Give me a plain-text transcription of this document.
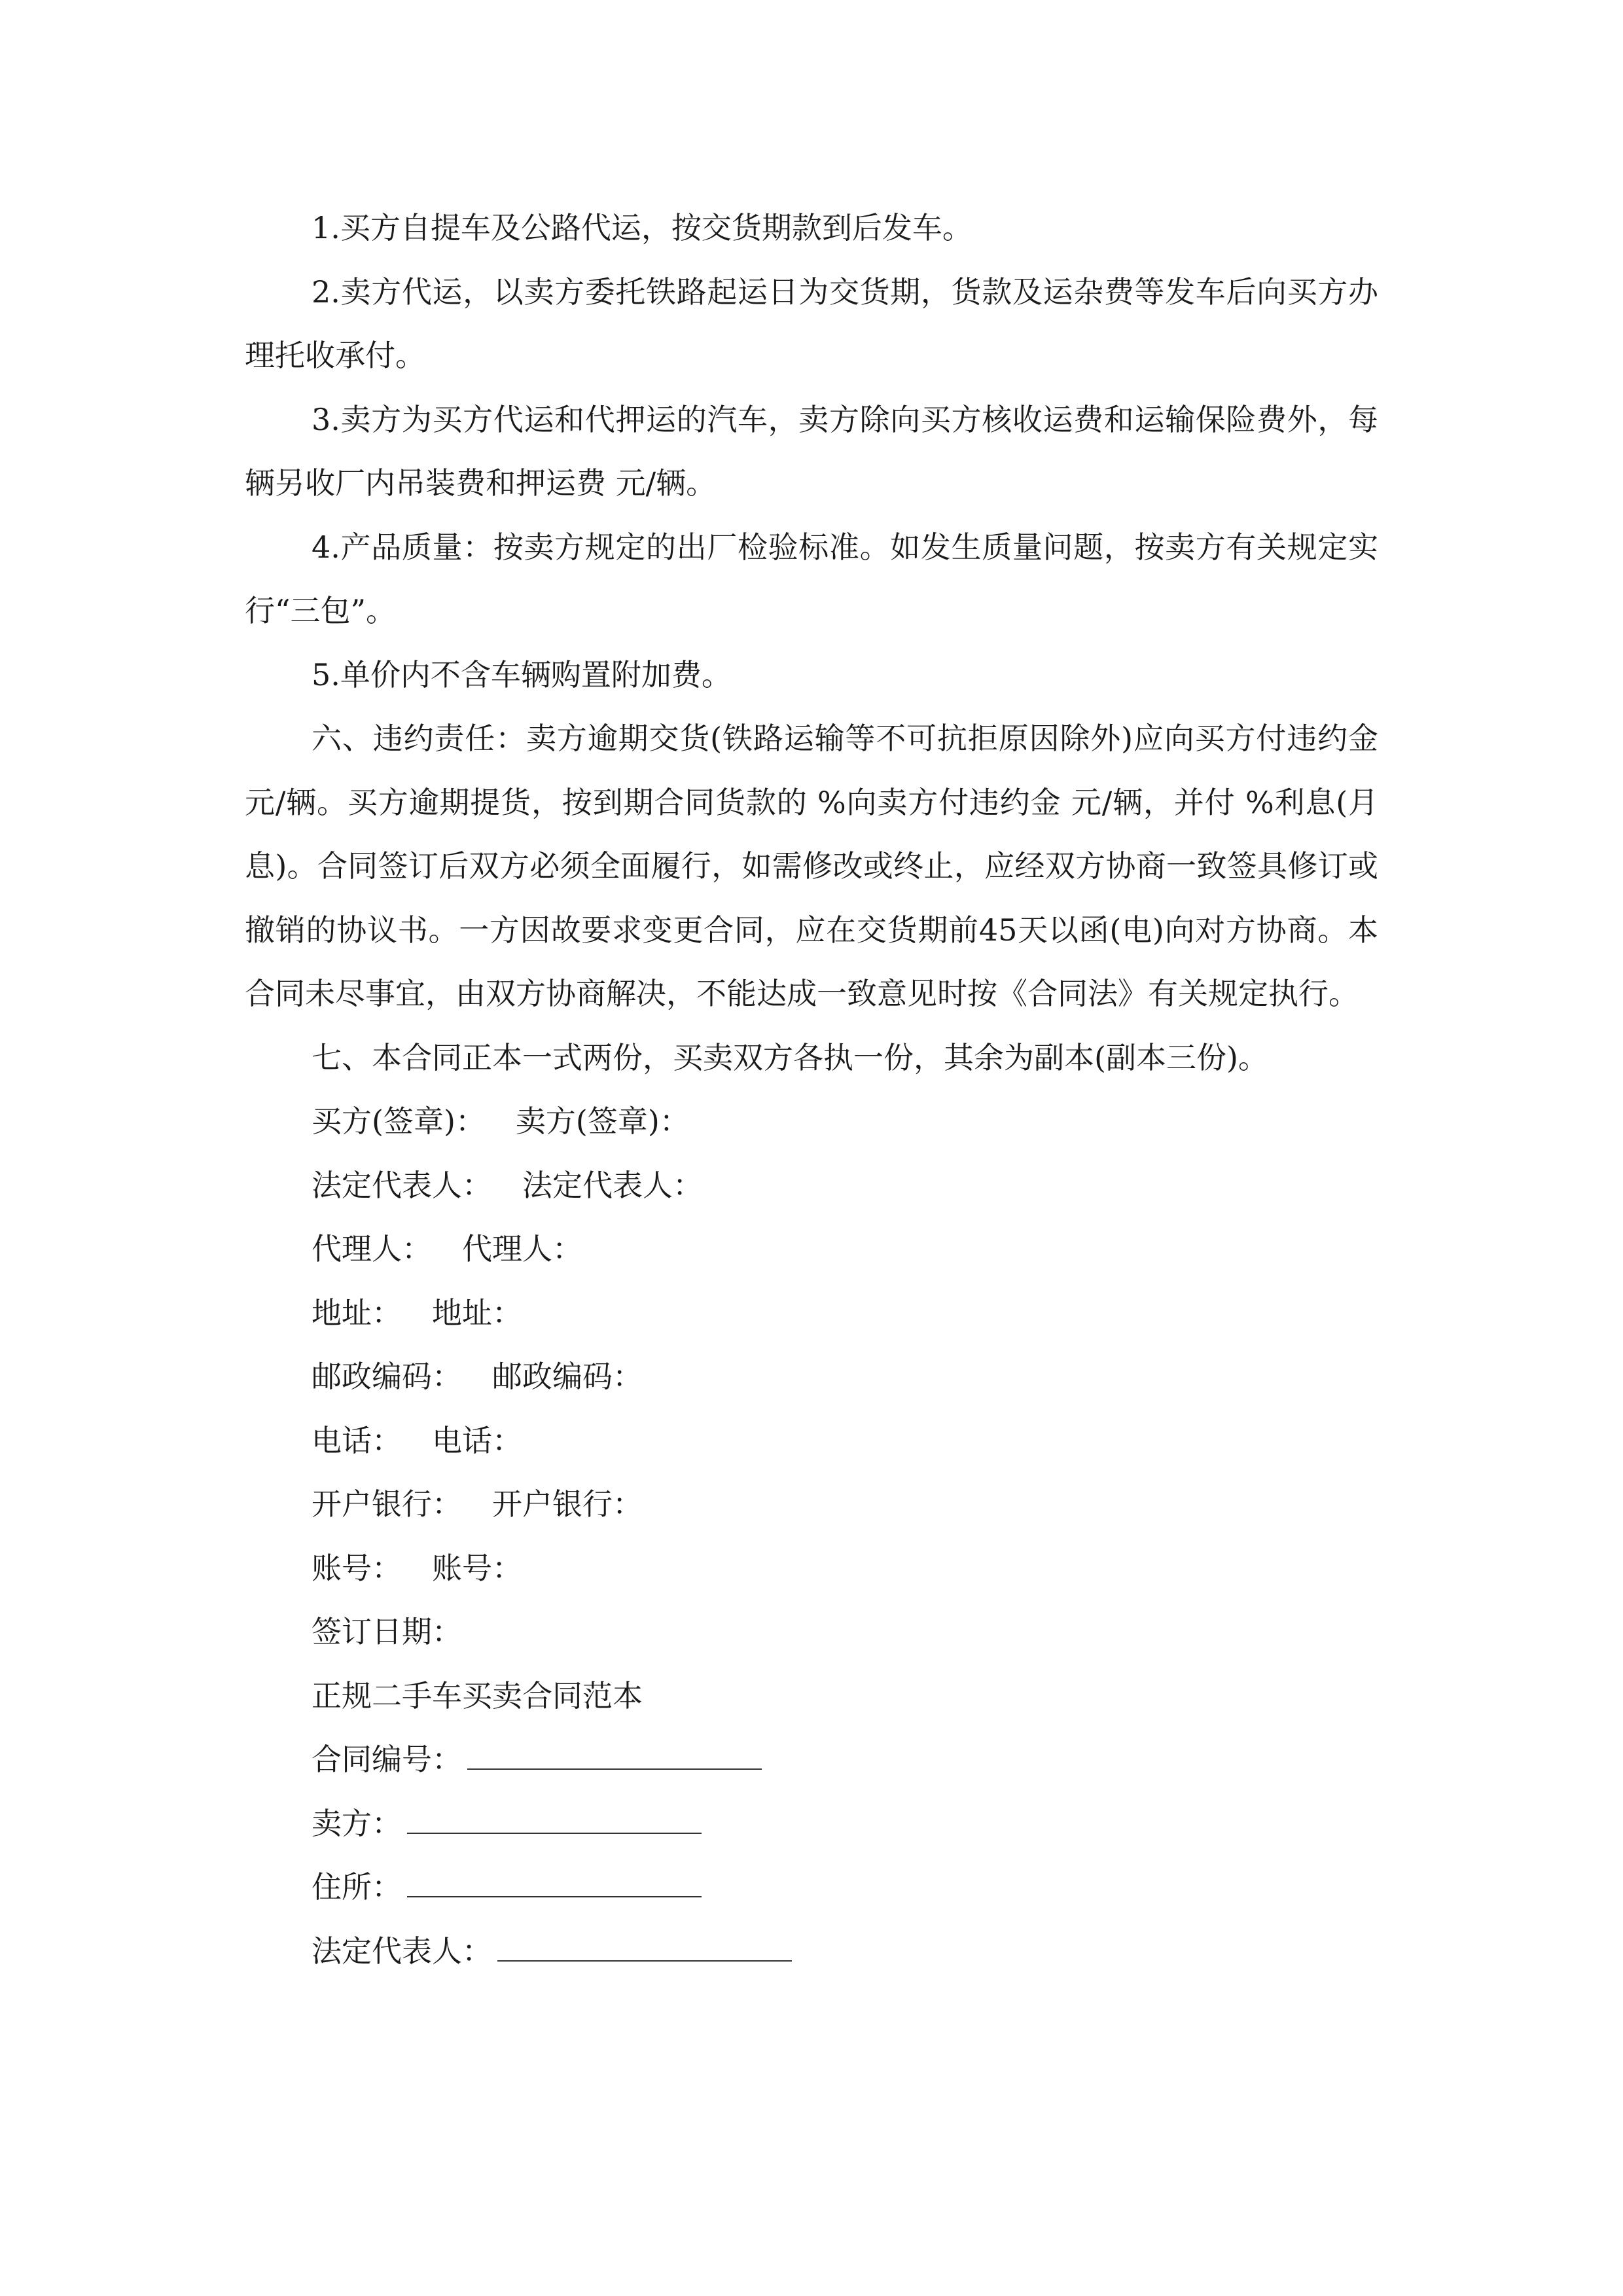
1.买方自提车及公路代运，按交货期款到后发车。

2.卖方代运，以卖方委托铁路起运日为交货期，货款及运杂费等发车后向买方办理托收承付。

3.卖方为买方代运和代押运的汽车，卖方除向买方核收运费和运输保险费外，每辆另收厂内吊装费和押运费 元/辆。

4.产品质量：按卖方规定的出厂检验标准。如发生质量问题，按卖方有关规定实行“三包”。

5.单价内不含车辆购置附加费。

六、违约责任：卖方逾期交货(铁路运输等不可抗拒原因除外)应向买方付违约金 元/辆。买方逾期提货，按到期合同货款的 %向卖方付违约金 元/辆，并付 %利息(月息)。合同签订后双方必须全面履行，如需修改或终止，应经双方协商一致签具修订或撤销的协议书。一方因故要求变更合同，应在交货期前45天以函(电)向对方协商。本合同未尽事宜，由双方协商解决，不能达成一致意见时按《合同法》有关规定执行。

七、本合同正本一式两份，买卖双方各执一份，其余为副本(副本三份)。

买方(签章)： 卖方(签章)：
法定代表人： 法定代表人：
代理人： 代理人：
地址： 地址：
邮政编码： 邮政编码：
电话： 电话：
开户银行： 开户银行：
账号： 账号：
签订日期：
正规二手车买卖合同范本
合同编号：
卖方：
住所：
法定代表人：
